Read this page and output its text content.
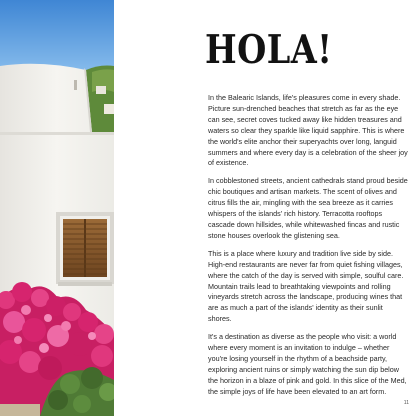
HOLA!

In the Balearic Islands, life's pleasures come in every shade. Picture sun-drenched beaches that stretch as far as the eye can see, secret coves tucked away like hidden treasures and waters so clear they sparkle like liquid sapphire. This is where the world's elite anchor their superyachts over long, languid summers and where every day is a celebration of the sheer joy of existence.

In cobblestoned streets, ancient cathedrals stand proud beside chic boutiques and artisan markets. The scent of olives and citrus fills the air, mingling with the sea breeze as it carries whispers of the islands' rich history. Terracotta rooftops cascade down hillsides, while whitewashed fincas and rustic stone houses overlook the glistening sea.

This is a place where luxury and tradition live side by side. High-end restaurants are never far from quiet fishing villages, where the catch of the day is served with simple, soulful care. Mountain trails lead to breathtaking viewpoints and rolling vineyards stretch across the landscape, producing wines that are as much a part of the islands' identity as their sunlit shores.

It's a destination as diverse as the people who visit: a world where every moment is an invitation to indulge – whether you're losing yourself in the rhythm of a beachside party, exploring ancient ruins or simply watching the sun dip below the horizon in a blaze of pink and gold. In this slice of the Med, the simple joys of life have been elevated to an art form.

11
